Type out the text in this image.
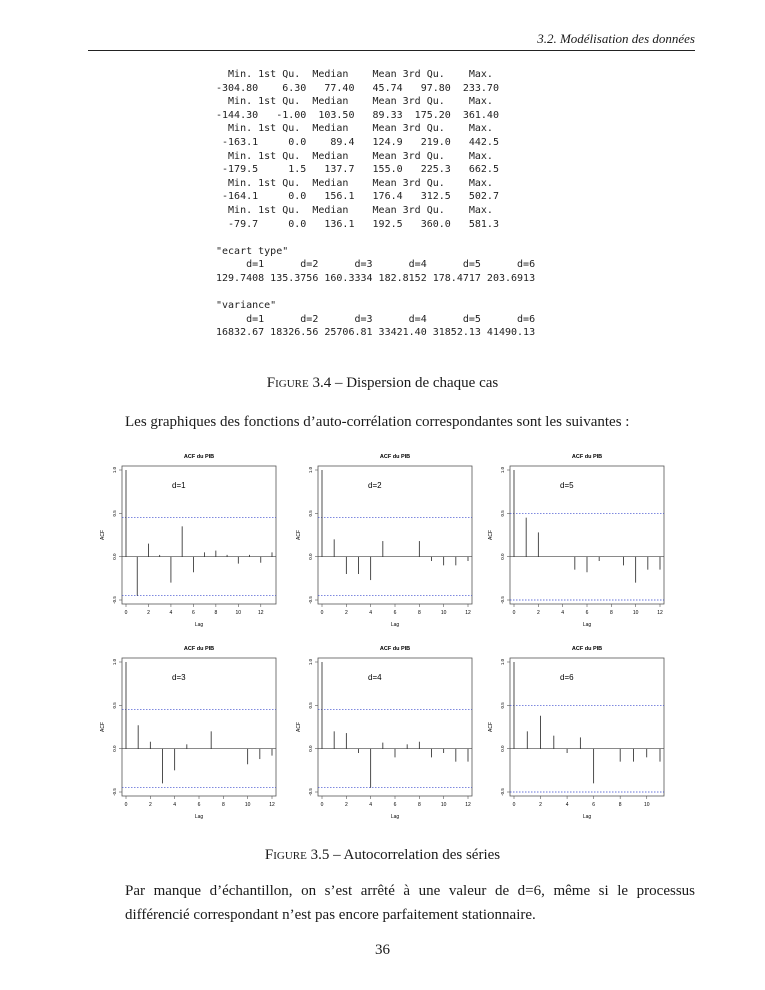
3.2. Modélisation des données
Min. 1st Qu.  Median    Mean 3rd Qu.    Max.
-304.80    6.30   77.40   45.74   97.80  233.70
Min. 1st Qu.  Median    Mean 3rd Qu.    Max.
-144.30   -1.00  103.50   89.33  175.20  361.40
Min. 1st Qu.  Median    Mean 3rd Qu.    Max.
-163.1     0.0    89.4   124.9   219.0   442.5
Min. 1st Qu.  Median    Mean 3rd Qu.    Max.
-179.5     1.5   137.7   155.0   225.3   662.5
Min. 1st Qu.  Median    Mean 3rd Qu.    Max.
-164.1     0.0   156.1   176.4   312.5   502.7
Min. 1st Qu.  Median    Mean 3rd Qu.    Max.
-79.7     0.0   136.1   192.5   360.0   581.3

"ecart type"
d=1      d=2      d=3      d=4      d=5      d=6
129.7408 135.3756 160.3334 182.8152 178.4717 203.6913

"variance"
d=1      d=2      d=3      d=4      d=5      d=6
16832.67 18326.56 25706.81 33421.40 31852.13 41490.13
Figure 3.4 – Dispersion de chaque cas
Les graphiques des fonctions d’auto-corrélation correspondantes sont les suivantes :
ACF du PIB
d=1
Lag
ACF
0	2	4	6	8	10	12
-0.5
0.0
0.5
1.0
ACF du PIB
d=2
Lag
ACF
0	2	4	6	8	10	12
-0.5
0.0
0.5
1.0
ACF du PIB
d=5
Lag
ACF
0	2	4	6	8	10	12
-0.5
0.0
0.5
1.0
ACF du PIB
d=3
Lag
ACF
0	2	4	6	8	10	12
-0.5
0.0
0.5
1.0
ACF du PIB
d=4
Lag
ACF
0	2	4	6	8	10	12
-0.5
0.0
0.5
1.0
ACF du PIB
d=6
Lag
ACF
0	2	4	6	8	10
-0.5
0.0
0.5
1.0
Figure 3.5 – Autocorrelation des séries
Par manque d’échantillon, on s’est arrêté à une valeur de d=6, même si le processus différencié correspondant n’est pas encore parfaitement stationnaire.
36
